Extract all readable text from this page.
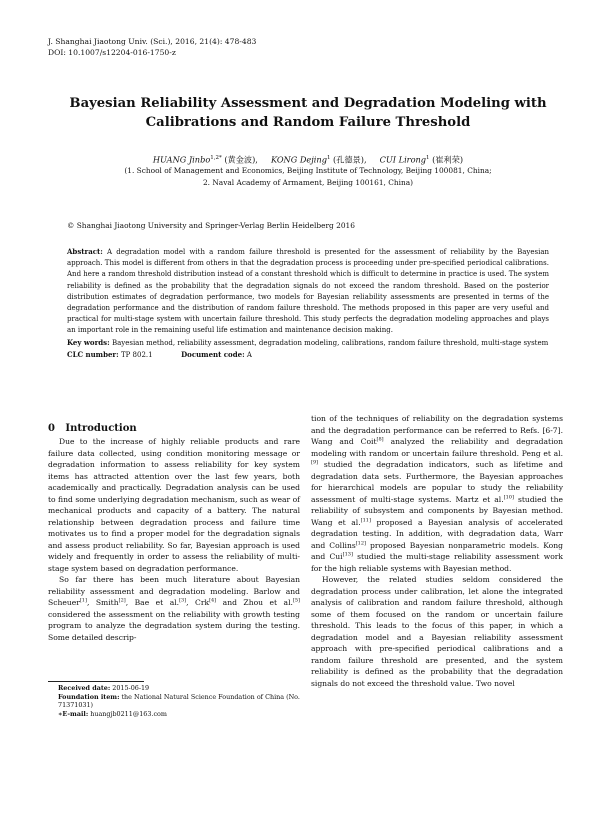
J. Shanghai Jiaotong Univ. (Sci.), 2016, 21(4): 478-483
DOI: 10.1007/s12204-016-1750-z
Bayesian Reliability Assessment and Degradation Modeling with Calibrations and Random Failure Threshold
HUANG Jinbo$^{1,2*}$ (黄金波), KONG Dejing$^1$ (孔德景), CUI Lirong$^1$ (崔利荣)
(1. School of Management and Economics, Beijing Institute of Technology, Beijing 100081, China;
2. Naval Academy of Armament, Beijing 100161, China)
© Shanghai Jiaotong University and Springer-Verlag Berlin Heidelberg 2016
Abstract: A degradation model with a random failure threshold is presented for the assessment of reliability by the Bayesian approach. This model is different from others in that the degradation process is proceeding under pre-specified periodical calibrations. And here a random threshold distribution instead of a constant threshold which is difficult to determine in practice is used. The system reliability is defined as the probability that the degradation signals do not exceed the random threshold. Based on the posterior distribution estimates of degradation performance, two models for Bayesian reliability assessments are presented in terms of the degradation performance and the distribution of random failure threshold. The methods proposed in this paper are very useful and practical for multi-stage system with uncertain failure threshold. This study perfects the degradation modeling approaches and plays an important role in the remaining useful life estimation and maintenance decision making.
Key words: Bayesian method, reliability assessment, degradation modeling, calibrations, random failure threshold, multi-stage system
CLC number: TP 802.1	Document code: A

0 Introduction

Due to the increase of highly reliable products and rare failure data collected, using condition monitoring message or degradation information to assess reliability for key system items has attracted attention over the last few years, both academically and practically. Degradation analysis can be used to find some underlying degradation mechanism, such as wear of mechanical products and capacity of a battery. The natural relationship between degradation process and failure time motivates us to find a proper model for the degradation signals and assess product reliability. So far, Bayesian approach is used widely and frequently in order to assess the reliability of multi-stage system based on degradation performance.

So far there has been much literature about Bayesian reliability assessment and degradation modeling. Barlow and Scheuer[1], Smith[2], Bae et al.[3], Crk[4] and Zhou et al.[5] considered the assessment on the reliability with growth testing program to analyze the degradation system during the testing. Some detailed descrip-

Received date: 2015-06-19
Foundation item: the National Natural Science Foundation of China (No. 71371031)
∗E-mail: huangjb0211@163.com

tion of the techniques of reliability on the degradation systems and the degradation performance can be referred to Refs. [6-7]. Wang and Coit[8] analyzed the reliability and degradation modeling with random or uncertain failure threshold. Peng et al.[9] studied the degradation indicators, such as lifetime and degradation data sets. Furthermore, the Bayesian approaches for hierarchical models are popular to study the reliability assessment of multi-stage systems. Martz et al.[10] studied the reliability of subsystem and components by Bayesian method. Wang et al.[11] proposed a Bayesian analysis of accelerated degradation testing. In addition, with degradation data, Warr and Collins[12] proposed Bayesian nonparametric models. Kong and Cui[13] studied the multi-stage reliability assessment work for the high reliable systems with Bayesian method.

However, the related studies seldom considered the degradation process under calibration, let alone the integrated analysis of calibration and random failure threshold, although some of them focused on the random or uncertain failure threshold. This leads to the focus of this paper, in which a degradation model and a Bayesian reliability assessment approach with pre-specified periodical calibrations and a random failure threshold are presented, and the system reliability is defined as the probability that the degradation signals do not exceed the threshold value. Two novel
